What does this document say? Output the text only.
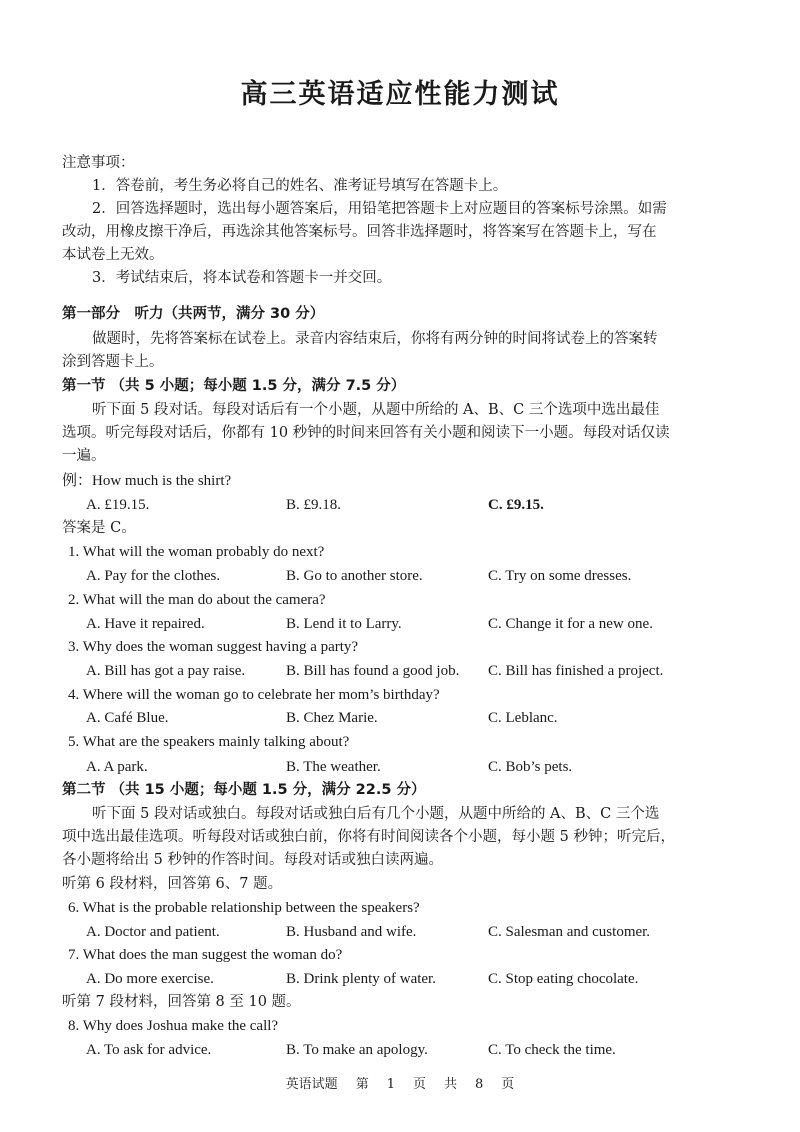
高三英语适应性能力测试
注意事项：
1．答卷前，考生务必将自己的姓名、准考证号填写在答题卡上。
2．回答选择题时，选出每小题答案后，用铅笔把答题卡上对应题目的答案标号涂黑。如需
改动，用橡皮擦干净后，再选涂其他答案标号。回答非选择题时，将答案写在答题卡上，写在
本试卷上无效。
3．考试结束后，将本试卷和答题卡一并交回。
第一部分　听力（共两节，满分 30 分）
做题时，先将答案标在试卷上。录音内容结束后，你将有两分钟的时间将试卷上的答案转
涂到答题卡上。
第一节 （共 5 小题；每小题 1.5 分，满分 7.5 分）
听下面 5 段对话。每段对话后有一个小题，从题中所给的 A、B、C 三个选项中选出最佳
选项。听完每段对话后，你都有 10 秒钟的时间来回答有关小题和阅读下一小题。每段对话仅读
一遍。
例：How much is the shirt?
A. £19.15.	B. £9.18.	C. £9.15.
答案是 C。
1. What will the woman probably do next?
A. Pay for the clothes.	B. Go to another store.	C. Try on some dresses.
2. What will the man do about the camera?
A. Have it repaired.	B. Lend it to Larry.	C. Change it for a new one.
3. Why does the woman suggest having a party?
A. Bill has got a pay raise.	B. Bill has found a good job. C. Bill has finished a project.
4. Where will the woman go to celebrate her mom’s birthday?
A. Café Blue.	B. Chez Marie.	C. Leblanc.
5. What are the speakers mainly talking about?
A. A park.	B. The weather.	C. Bob’s pets.
第二节 （共 15 小题；每小题 1.5 分，满分 22.5 分）
听下面 5 段对话或独白。每段对话或独白后有几个小题，从题中所给的 A、B、C 三个选
项中选出最佳选项。听每段对话或独白前，你将有时间阅读各个小题，每小题 5 秒钟；听完后，
各小题将给出 5 秒钟的作答时间。每段对话或独白读两遍。
听第 6 段材料，回答第 6、7 题。
6. What is the probable relationship between the speakers?
A. Doctor and patient.	B. Husband and wife.	C. Salesman and customer.
7. What does the man suggest the woman do?
A. Do more exercise.	B. Drink plenty of water.	C. Stop eating chocolate.
听第 7 段材料，回答第 8 至 10 题。
8. Why does Joshua make the call?
A. To ask for advice.	B. To make an apology.	C. To check the time.
英语试题 第 1 页 共 8 页
